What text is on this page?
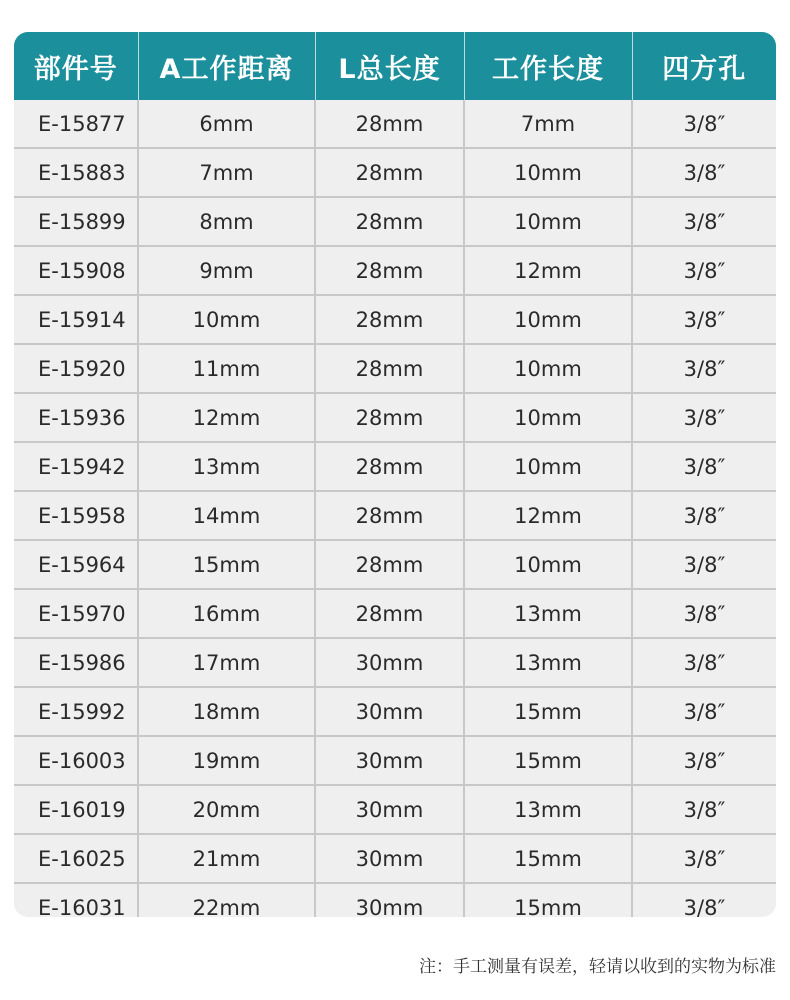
部件号	A工作距离	L总长度	工作长度	四方孔
E-15877	6mm	28mm	7mm	3/8″
E-15883	7mm	28mm	10mm	3/8″
E-15899	8mm	28mm	10mm	3/8″
E-15908	9mm	28mm	12mm	3/8″
E-15914	10mm	28mm	10mm	3/8″
E-15920	11mm	28mm	10mm	3/8″
E-15936	12mm	28mm	10mm	3/8″
E-15942	13mm	28mm	10mm	3/8″
E-15958	14mm	28mm	12mm	3/8″
E-15964	15mm	28mm	10mm	3/8″
E-15970	16mm	28mm	13mm	3/8″
E-15986	17mm	30mm	13mm	3/8″
E-15992	18mm	30mm	15mm	3/8″
E-16003	19mm	30mm	15mm	3/8″
E-16019	20mm	30mm	13mm	3/8″
E-16025	21mm	30mm	15mm	3/8″
E-16031	22mm	30mm	15mm	3/8″
注：手工测量有误差，轻请以收到的实物为标准
